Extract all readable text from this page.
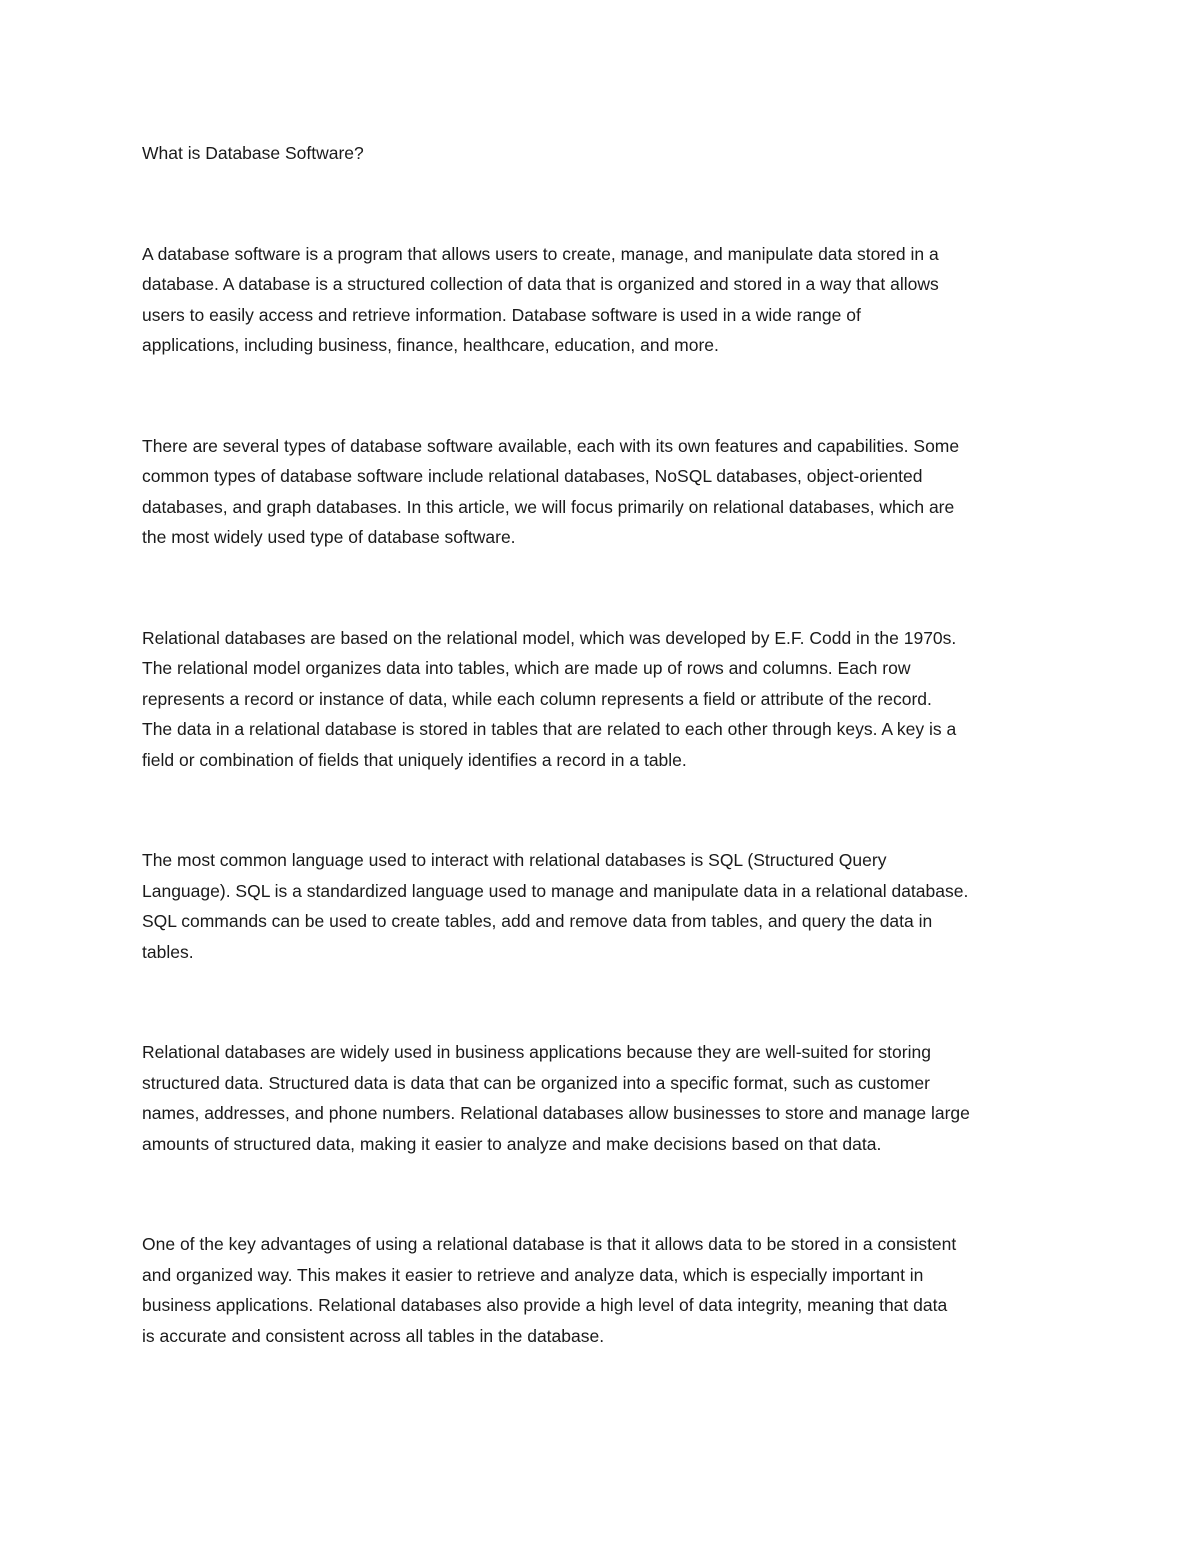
What is Database Software?

A database software is a program that allows users to create, manage, and manipulate data stored in a
database. A database is a structured collection of data that is organized and stored in a way that allows
users to easily access and retrieve information. Database software is used in a wide range of
applications, including business, finance, healthcare, education, and more.

There are several types of database software available, each with its own features and capabilities. Some
common types of database software include relational databases, NoSQL databases, object-oriented
databases, and graph databases. In this article, we will focus primarily on relational databases, which are
the most widely used type of database software.

Relational databases are based on the relational model, which was developed by E.F. Codd in the 1970s.
The relational model organizes data into tables, which are made up of rows and columns. Each row
represents a record or instance of data, while each column represents a field or attribute of the record.
The data in a relational database is stored in tables that are related to each other through keys. A key is a
field or combination of fields that uniquely identifies a record in a table.

The most common language used to interact with relational databases is SQL (Structured Query
Language). SQL is a standardized language used to manage and manipulate data in a relational database.
SQL commands can be used to create tables, add and remove data from tables, and query the data in
tables.

Relational databases are widely used in business applications because they are well-suited for storing
structured data. Structured data is data that can be organized into a specific format, such as customer
names, addresses, and phone numbers. Relational databases allow businesses to store and manage large
amounts of structured data, making it easier to analyze and make decisions based on that data.

One of the key advantages of using a relational database is that it allows data to be stored in a consistent
and organized way. This makes it easier to retrieve and analyze data, which is especially important in
business applications. Relational databases also provide a high level of data integrity, meaning that data
is accurate and consistent across all tables in the database.
